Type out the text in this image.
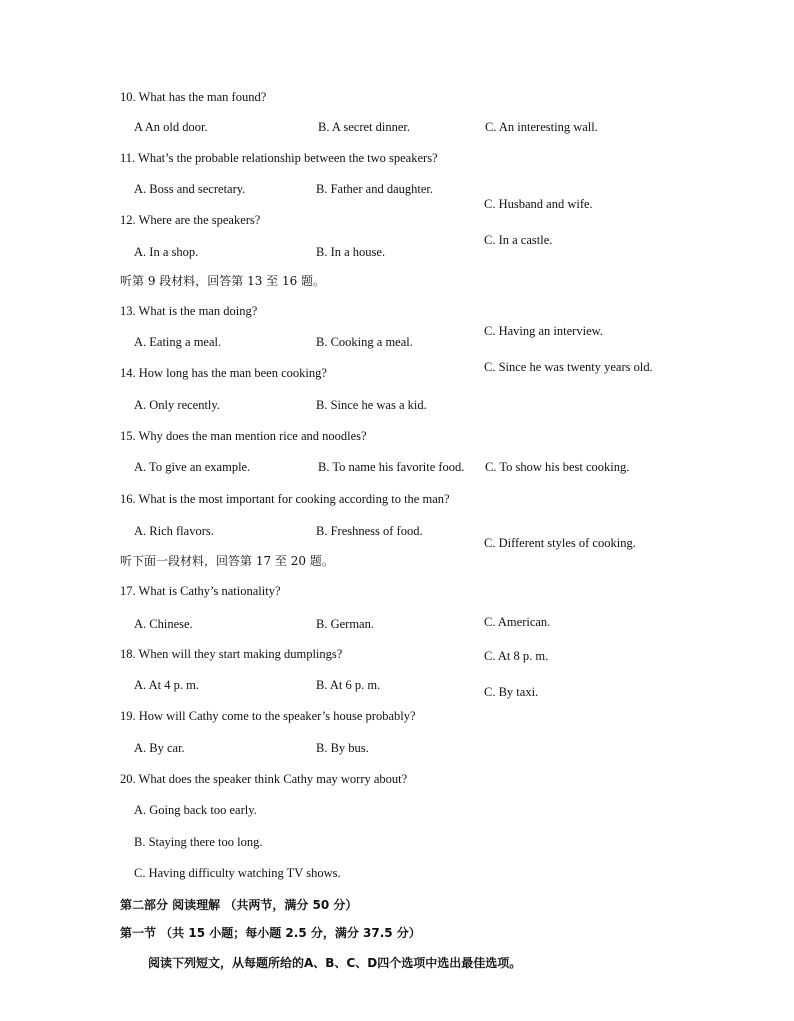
10. What has the man found?
A An old door.	B. A secret dinner.	C. An interesting wall.
11. What’s the probable relationship between the two speakers?
A. Boss and secretary.	B. Father and daughter.
C. Husband and wife.
12. Where are the speakers?
A. In a shop.	B. In a house.
C. In a castle.
听第 9 段材料，回答第 13 至 16 题。
13. What is the man doing?
A. Eating a meal.	B. Cooking a meal.
C. Having an interview.
14. How long has the man been cooking?
A. Only recently.	B. Since he was a kid.
C. Since he was twenty years old.
15. Why does the man mention rice and noodles?
A. To give an example.	B. To name his favorite food. C. To show his best cooking.
16. What is the most important for cooking according to the man?
A. Rich flavors.	B. Freshness of food.
C. Different styles of cooking.
听下面一段材料，回答第 17 至 20 题。
17. What is Cathy’s nationality?
A. Chinese.	B. German.	C. American.
18. When will they start making dumplings?
A. At 4 p. m.	B. At 6 p. m.
C. At 8 p. m.
19. How will Cathy come to the speaker’s house probably?
A. By car.	B. By bus.
C. By taxi.
20. What does the speaker think Cathy may worry about?
A. Going back too early.
B. Staying there too long.
C. Having difficulty watching TV shows.
第二部分 阅读理解 （共两节，满分 50 分）
第一节 （共 15 小题；每小题 2.5 分，满分 37.5 分）
阅读下列短文，从每题所给的A、B、C、D四个选项中选出最佳选项。
